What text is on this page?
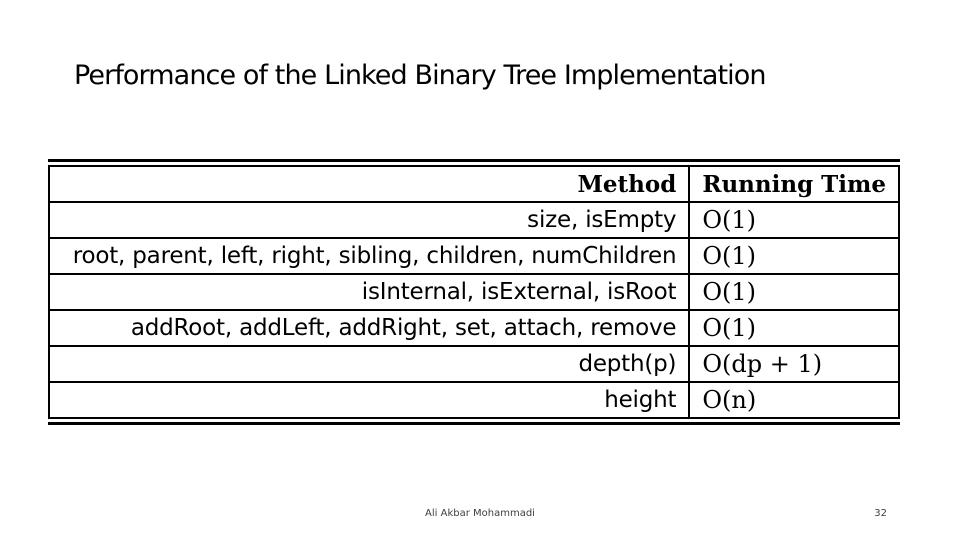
Performance of the Linked Binary Tree Implementation
Method	Running Time
size, isEmpty	O(1)
root, parent, left, right, sibling, children, numChildren	O(1)
isInternal, isExternal, isRoot	O(1)
addRoot, addLeft, addRight, set, attach, remove	O(1)
depth(p)	O(dp + 1)
height	O(n)
Ali Akbar Mohammadi	32
